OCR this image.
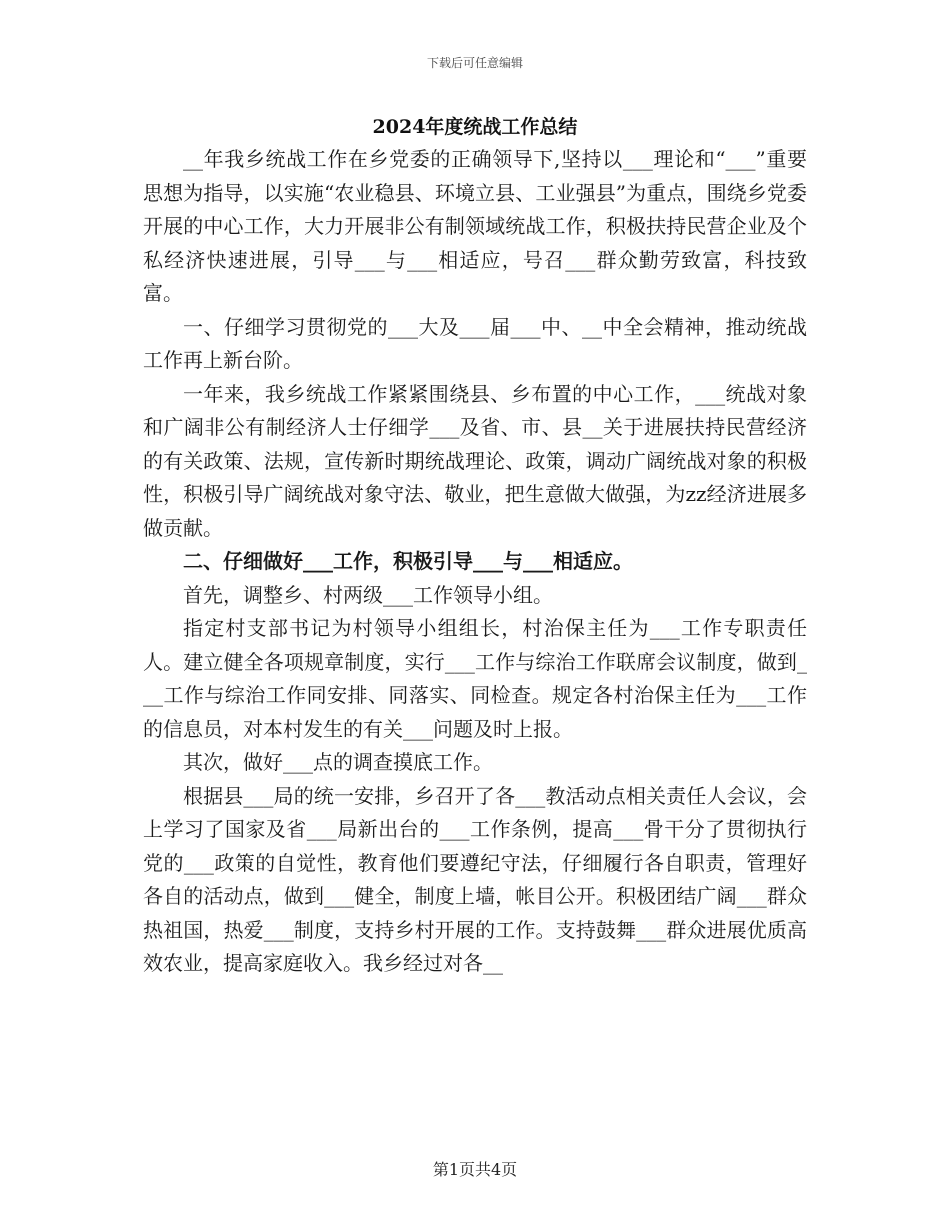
下载后可任意编辑
2024年度统战工作总结

__年我乡统战工作在乡党委的正确领导下,坚持以___理论和“___”重要思想为指导，以实施“农业稳县、环境立县、工业强县”为重点，围绕乡党委开展的中心工作，大力开展非公有制领域统战工作，积极扶持民营企业及个私经济快速进展，引导___与___相适应，号召___群众勤劳致富，科技致富。

一、仔细学习贯彻党的___大及___届___中、__中全会精神，推动统战工作再上新台阶。

一年来，我乡统战工作紧紧围绕县、乡布置的中心工作，___统战对象和广阔非公有制经济人士仔细学___及省、市、县__关于进展扶持民营经济的有关政策、法规，宣传新时期统战理论、政策，调动广阔统战对象的积极性，积极引导广阔统战对象守法、敬业，把生意做大做强，为zz经济进展多做贡献。

二、仔细做好___工作，积极引导___与___相适应。

首先，调整乡、村两级___工作领导小组。

指定村支部书记为村领导小组组长，村治保主任为___工作专职责任人。建立健全各项规章制度，实行___工作与综治工作联席会议制度，做到___工作与综治工作同安排、同落实、同检查。规定各村治保主任为___工作的信息员，对本村发生的有关___问题及时上报。

其次，做好___点的调查摸底工作。

根据县___局的统一安排，乡召开了各___教活动点相关责任人会议，会上学习了国家及省___局新出台的___工作条例，提高___骨干分了贯彻执行党的___政策的自觉性，教育他们要遵纪守法，仔细履行各自职责，管理好各自的活动点，做到___健全，制度上墙，帐目公开。积极团结广阔___群众热祖国，热爱___制度，支持乡村开展的工作。支持鼓舞___群众进展优质高效农业，提高家庭收入。我乡经过对各__

第1页共4页
